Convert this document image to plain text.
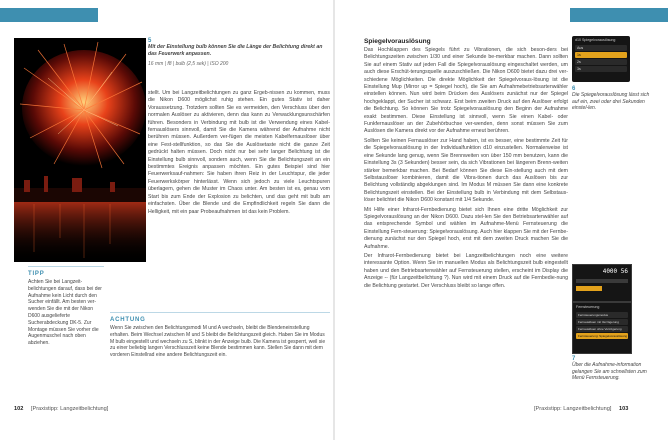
5
Mit der Einstellung bulb können Sie die Länge der Belichtung direkt an das Feuerwerk anpassen.
16 mm | f8 | bulb (2,5 sek) | ISO 200

stellt. Um bei Langzeitbelichtungen zu ganz Ergeb-nissen zu kommen, muss die Nikon D600 möglichst ruhig stehen. Ein gutes Stativ ist daher Voraussetzung. Trotzdem sollten Sie es vermeiden, den Verschluss über den normalen Auslöser zu aktivieren, denn das kann zu Verwacklungsunschärfen führen. Besonders in Verbindung mit bulb ist die Verwendung eines Kabel-fernauslösers sinnvoll, damit Sie die Kamera während der Aufnahme nicht berühren müssen. Außerdem ver-fügen die meisten Kabelfernauslöser über eine Fest-stellfunktion, so das Sie die Auslösetaste nicht die ganze Zeit gedrückt halten müssen. Doch nicht nur bei sehr langer Belichtung ist die Einstellung bulb sinnvoll, sondern auch, wenn Sie die Belichtungszeit an ein bestimmtes Ereignis anpassen möchten. Ein gutes Beispiel sind hier Feuerwerksauf-nahmen: Sie haben ihren Reiz in der Leuchtspur, die jeder Feuerwerkskörper hinterlässt. Wenn sich jedoch zu viele Leuchtspuren überlagern, gehen die Muster im Chaos unter. Am besten ist es, genau vom Start bis zum Ende der Explosion zu belichten, und das geht mit bulb am einfachsten. Über die Blende und die Empfindlichkeit regeln Sie dann die Helligkeit, mit ein paar Probeaufnahmen ist das kein Problem.

TIPP

Achten Sie bei Langzeit-belichtungen darauf, dass bei der Aufnahme kein Licht durch den Sucher einfällt. Am besten ver-wenden Sie die mit der Nikon D600 ausgelieferte Sucherabdeckung DK-5. Zur Montage müssen Sie vorher die Augenmuschel nach oben abziehen.

ACHTUNG

Wenn Sie zwischen den Belichtungsmodi M und A wechseln, bleibt die Blendeneinstellung erhalten. Beim Wechsel zwischen M und S bleibt die Belichtungszeit gleich. Haben Sie im Modus M bulb eingestellt und wechseln zu S, blinkt in der Anzeige bulb. Die Kamera ist gesperrt, weil sie zu einer beliebig langen Verschlusszeit keine Blende bestimmen kann. Stellen Sie dann mit dem vorderen Einstellrad eine andere Belichtungszeit ein.

102 [Praxistipp: Langzeitbelichtung]
Spiegelvorauslösung

Das Hochklappen des Spiegels führt zu Vibrationen, die sich beson-ders bei Belichtungszeiten zwischen 1/30 und einer Sekunde be-merkbar machen. Dann sollten Sie auf einem Stativ auf jeden Fall die Spiegelvorauslösung eingeschaltet werden, um auch diese Erschüt-terungsquelle auszuschließen. Die Nikon D600 bietet dazu drei ver-schiedene Möglichkeiten. Die direkte Möglichkeit der Spiegelvoraus-lösung ist die Einstellung Mup (Mirror up = Spiegel hoch), die Sie am Aufnahmebetriebsartenwähler einstellen können. Nun wird beim Drücken des Auslösers zunächst nur der Spiegel hochgeklappt, der Sucher ist schwarz. Erst beim zweiten Druck auf den Auslöser erfolgt die Belichtung. So können Sie trotz Spiegelvorauslösung den Beginn der Aufnahme exakt bestimmen. Diese Einstellung ist sinnvoll, wenn Sie einen Kabel- oder Funkfernauslöser an der Zubehörbuchse ver-wenden, denn sonst müssen Sie zum Auslösen die Kamera direkt vor der Aufnahme erneut berühren.

Sollten Sie keinen Fernauslöser zur Hand haben, ist es besser, eine bestimmte Zeit für die Spiegelvorauslösung in der Individualfunktion d10 einzustellen. Normalerweise ist eine Sekunde lang genug, wenn Sie Brennweiten von über 150 mm benutzen, kann die Einstellung 3s (3 Sekunden) besser sein, da sich Vibrationen bei längeren Brenn-weiten stärker bemerkbar machen. Bei Bedarf können Sie diese Ein-stellung auch mit dem Selbstauslöser kombinieren, damit die Vibra-tionen durch das Auslösen bis zur Belichtung vollständig abgeklungen sind. Im Modus M müssen Sie dann eine konkrete Belichtungszeit einstellen. Bei der Einstellung bulb in Verbindung mit dem Selbstaus-löser belichtet die Nikon D600 konstant mit 1/4 Sekunde.

Mit Hilfe einer Infrarot-Fernbedienung bietet sich Ihnen eine dritte Möglichkeit zur Spiegelvorauslösung an der Nikon D600. Dazu stel-len Sie den Betriebsartenwähler auf das entsprechende Symbol und wählen im Aufnahme-Menü Fernsteuerung die Einstellung Fern-steuerung: Spiegelvorauslösung. Auch hier klappen Sie mit der Fernbe-dienung zunächst nur den Spiegel hoch, erst mit dem zweiten Druck machen Sie die Aufnahme.

Der Infrarot-Fernbedienung bietet bei Langzeitbelichtungen noch eine weitere interessante Option. Wenn Sie im manuellen Modus als Belichtungszeit bulb eingestellt haben und den Betriebsartenwähler auf Fernsteuerung stellen, erscheint im Display die Anzeige -- (für Langzeitbelichtung ?). Nun wird mit einem Druck auf die Fernbedie-nung die Belichtung gestartet. Der Verschluss bleibt so lange offen.

d10 Spiegelvorauslösung
Aus
1s
2s
3s
6
Die Spiegelvorauslösung lässt sich auf ein, zwei oder drei Sekunden einstel-len.
4000 56
Fernsteuerung
Fernsteuerungsmodus
Fernauslösen mit Verzögerung
Fernauslösen ohne Verzögerung
Fernsteuerung: Spiegelvorauslösung
7
Über die Aufnahme-information gelangen Sie am schnellsten zum Menü Fernsteuerung.
[Praxistipp: Langzeitbelichtung] 103
